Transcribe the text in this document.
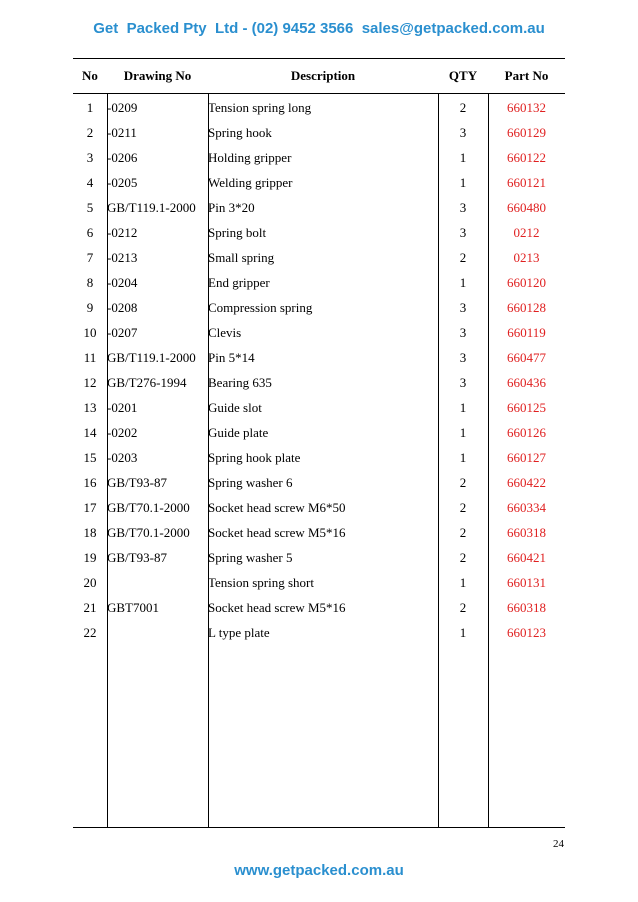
Get  Packed Pty  Ltd - (02) 9452 3566  sales@getpacked.com.au
No	Drawing No	Description	QTY	Part No
1	-0209	Tension spring long	2	660132
2	-0211	Spring hook	3	660129
3	-0206	Holding gripper	1	660122
4	-0205	Welding gripper	1	660121
5	GB/T119.1-2000	Pin 3*20	3	660480
6	-0212	Spring bolt	3	0212
7	-0213	Small spring	2	0213
8	-0204	End gripper	1	660120
9	-0208	Compression spring	3	660128
10	-0207	Clevis	3	660119
11	GB/T119.1-2000	Pin 5*14	3	660477
12	GB/T276-1994	Bearing 635	3	660436
13	-0201	Guide slot	1	660125
14	-0202	Guide plate	1	660126
15	-0203	Spring hook plate	1	660127
16	GB/T93-87	Spring washer 6	2	660422
17	GB/T70.1-2000	Socket head screw M6*50	2	660334
18	GB/T70.1-2000	Socket head screw M5*16	2	660318
19	GB/T93-87	Spring washer 5	2	660421
20		Tension spring short	1	660131
21	GBT7001	Socket head screw M5*16	2	660318
22		L type plate	1	660123
24
www.getpacked.com.au
